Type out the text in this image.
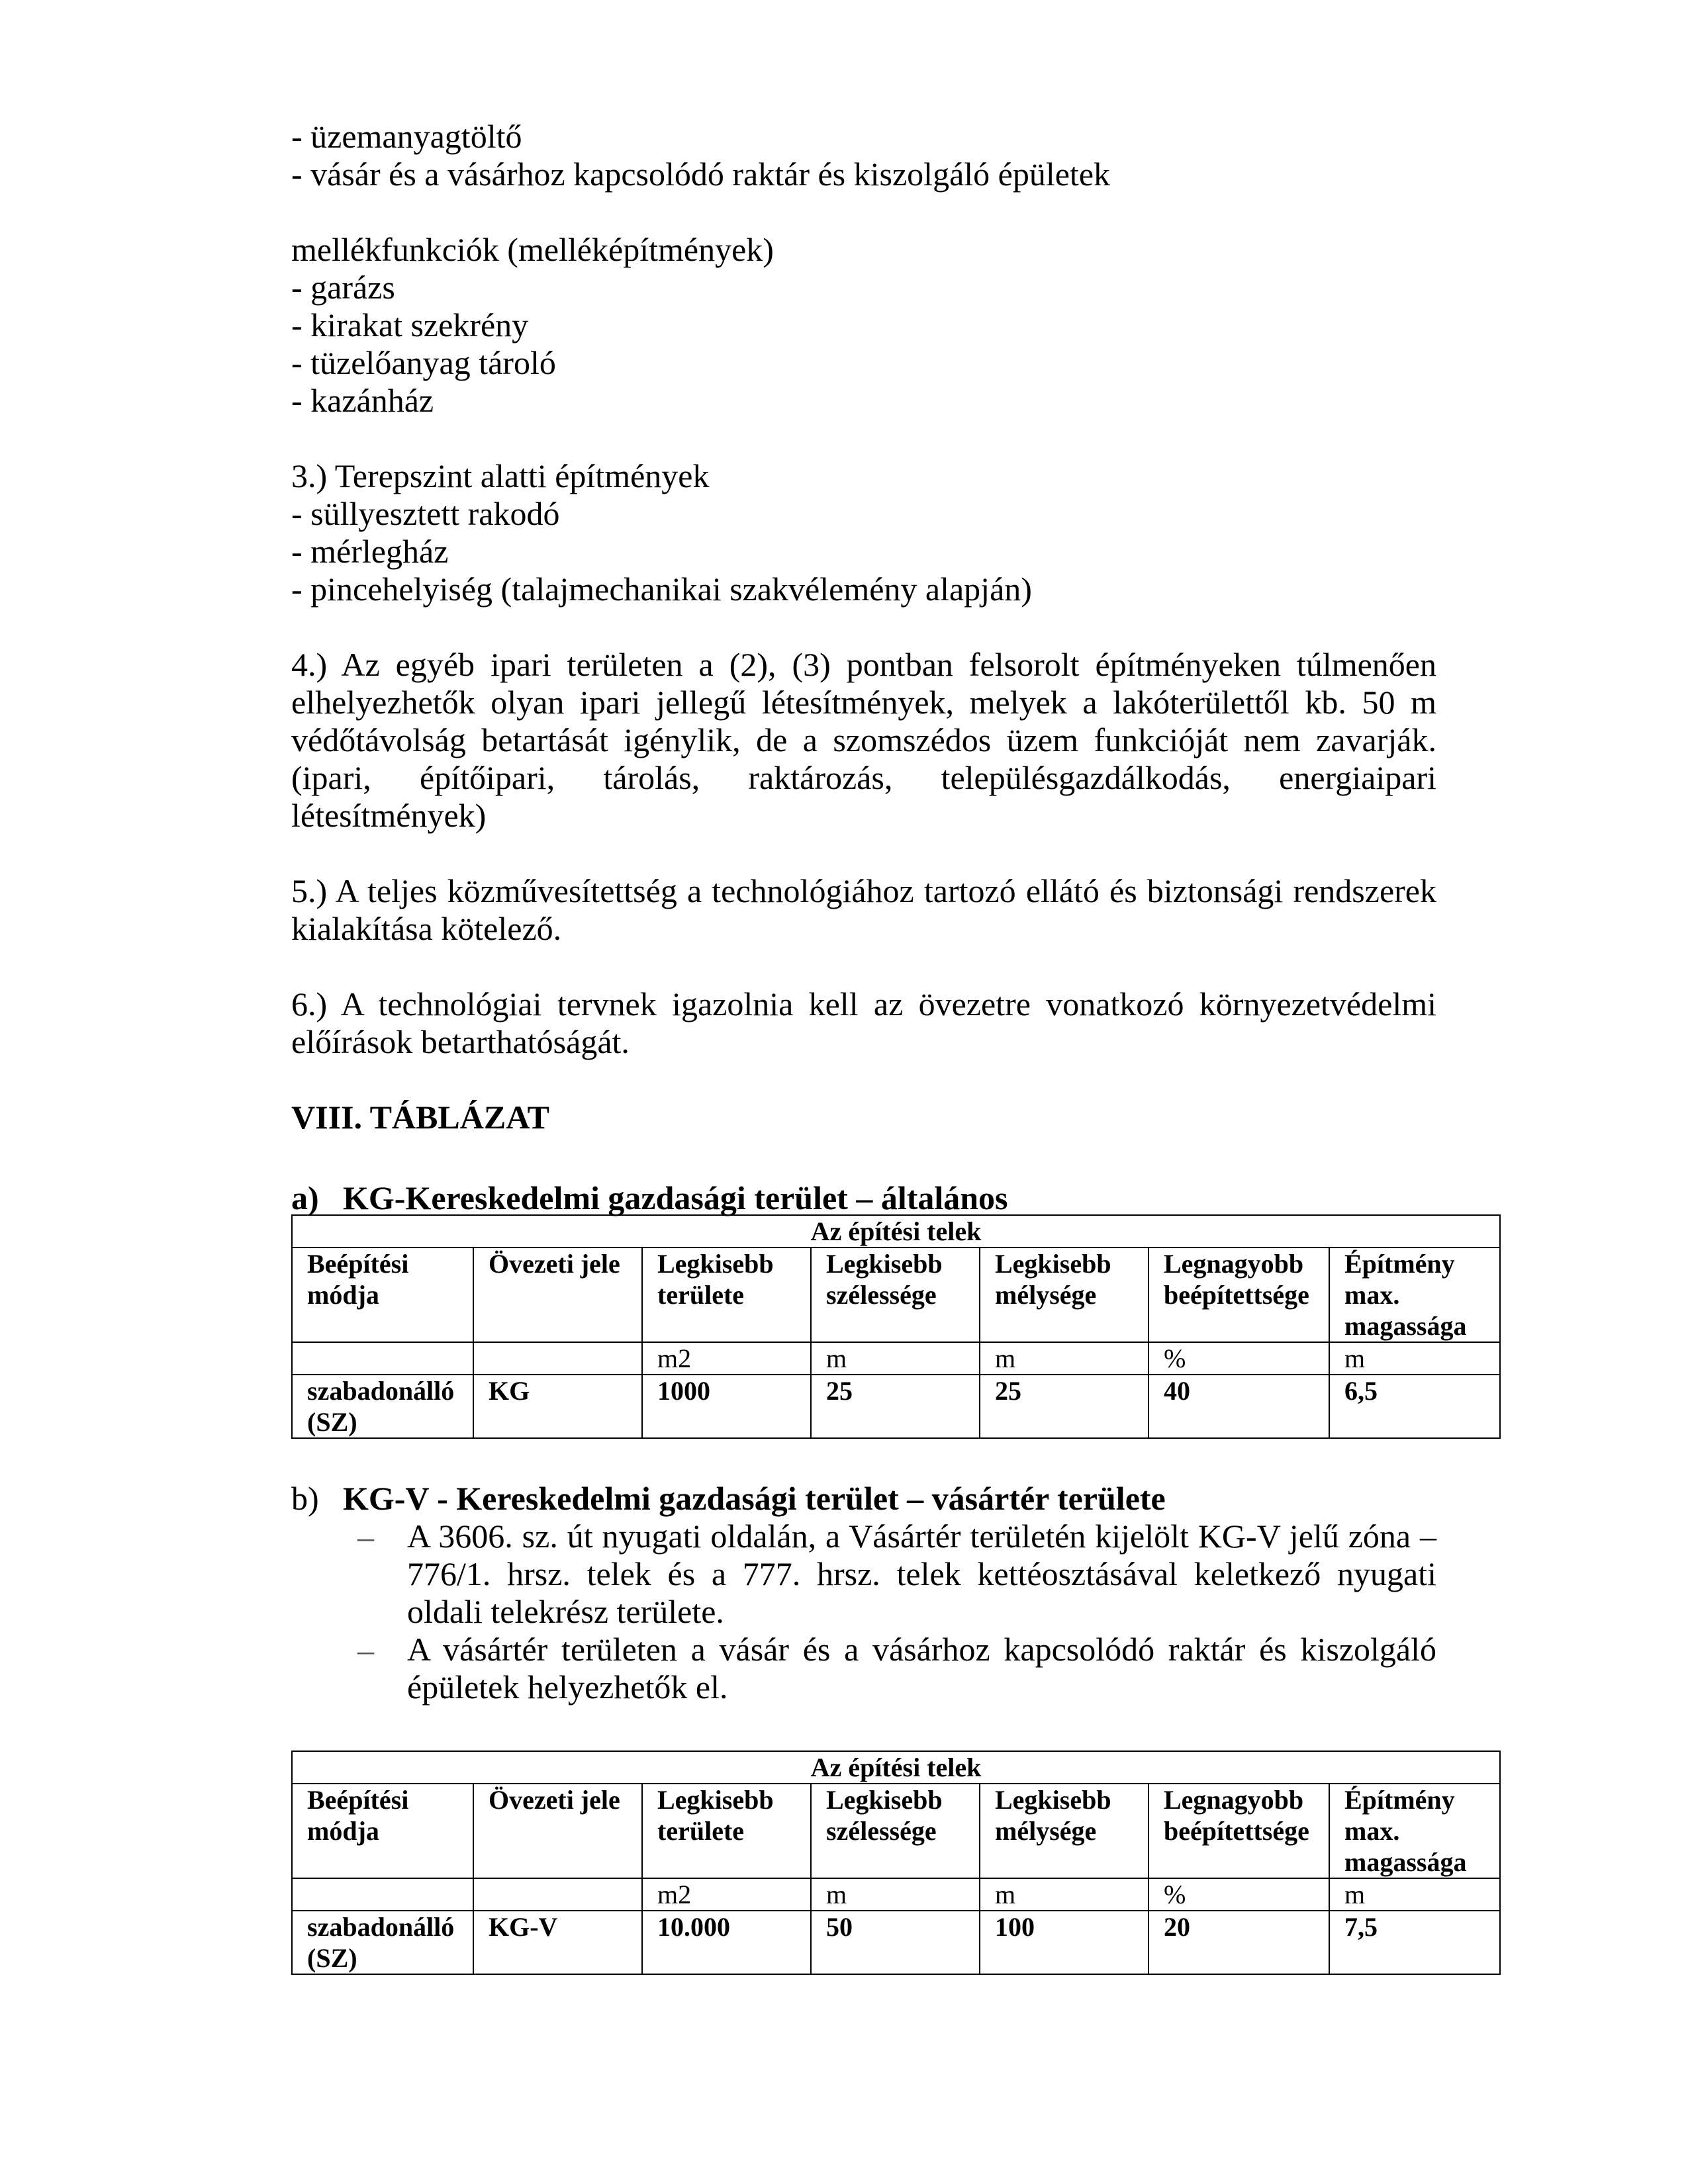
- üzemanyagtöltő
- vásár és a vásárhoz kapcsolódó raktár és kiszolgáló épületek
mellékfunkciók (melléképítmények)
- garázs
- kirakat szekrény
- tüzelőanyag tároló
- kazánház
3.) Terepszint alatti építmények
- süllyesztett rakodó
- mérlegház
- pincehelyiség (talajmechanikai szakvélemény alapján)
4.) Az egyéb ipari területen a (2), (3) pontban felsorolt építményeken túlmenően elhelyezhetők olyan ipari jellegű létesítmények, melyek a lakóterülettől kb. 50 m védőtávolság betartását igénylik, de a szomszédos üzem funkcióját nem zavarják. (ipari, építőipari, tárolás, raktározás, településgazdálkodás, energiaipari létesítmények)
5.) A teljes közművesítettség a technológiához tartozó ellátó és biztonsági rendszerek kialakítása kötelező.
6.) A technológiai tervnek igazolnia kell az övezetre vonatkozó környezetvédelmi előírások betarthatóságát.
VIII. TÁBLÁZAT
a) KG-Kereskedelmi gazdasági terület – általános
Az építési telek						
Beépítési módja	Övezeti jele	Legkisebb területe	Legkisebb szélessége	Legkisebb mélysége	Legnagyobb beépítettsége	Építmény max. magassága
		m2	m	m	%	m
szabadonálló (SZ)	KG	1000	25	25	40	6,5
b) KG-V - Kereskedelmi gazdasági terület – vásártér területe
–	A 3606. sz. út nyugati oldalán, a Vásártér területén kijelölt KG-V jelű zóna – 776/1. hrsz. telek és a 777. hrsz. telek kettéosztásával keletkező nyugati oldali telekrész területe.
–	A vásártér területen a vásár és a vásárhoz kapcsolódó raktár és kiszolgáló épületek helyezhetők el.
Az építési telek						
Beépítési módja	Övezeti jele	Legkisebb területe	Legkisebb szélessége	Legkisebb mélysége	Legnagyobb beépítettsége	Építmény max. magassága
		m2	m	m	%	m
szabadonálló (SZ)	KG-V	10.000	50	100	20	7,5
